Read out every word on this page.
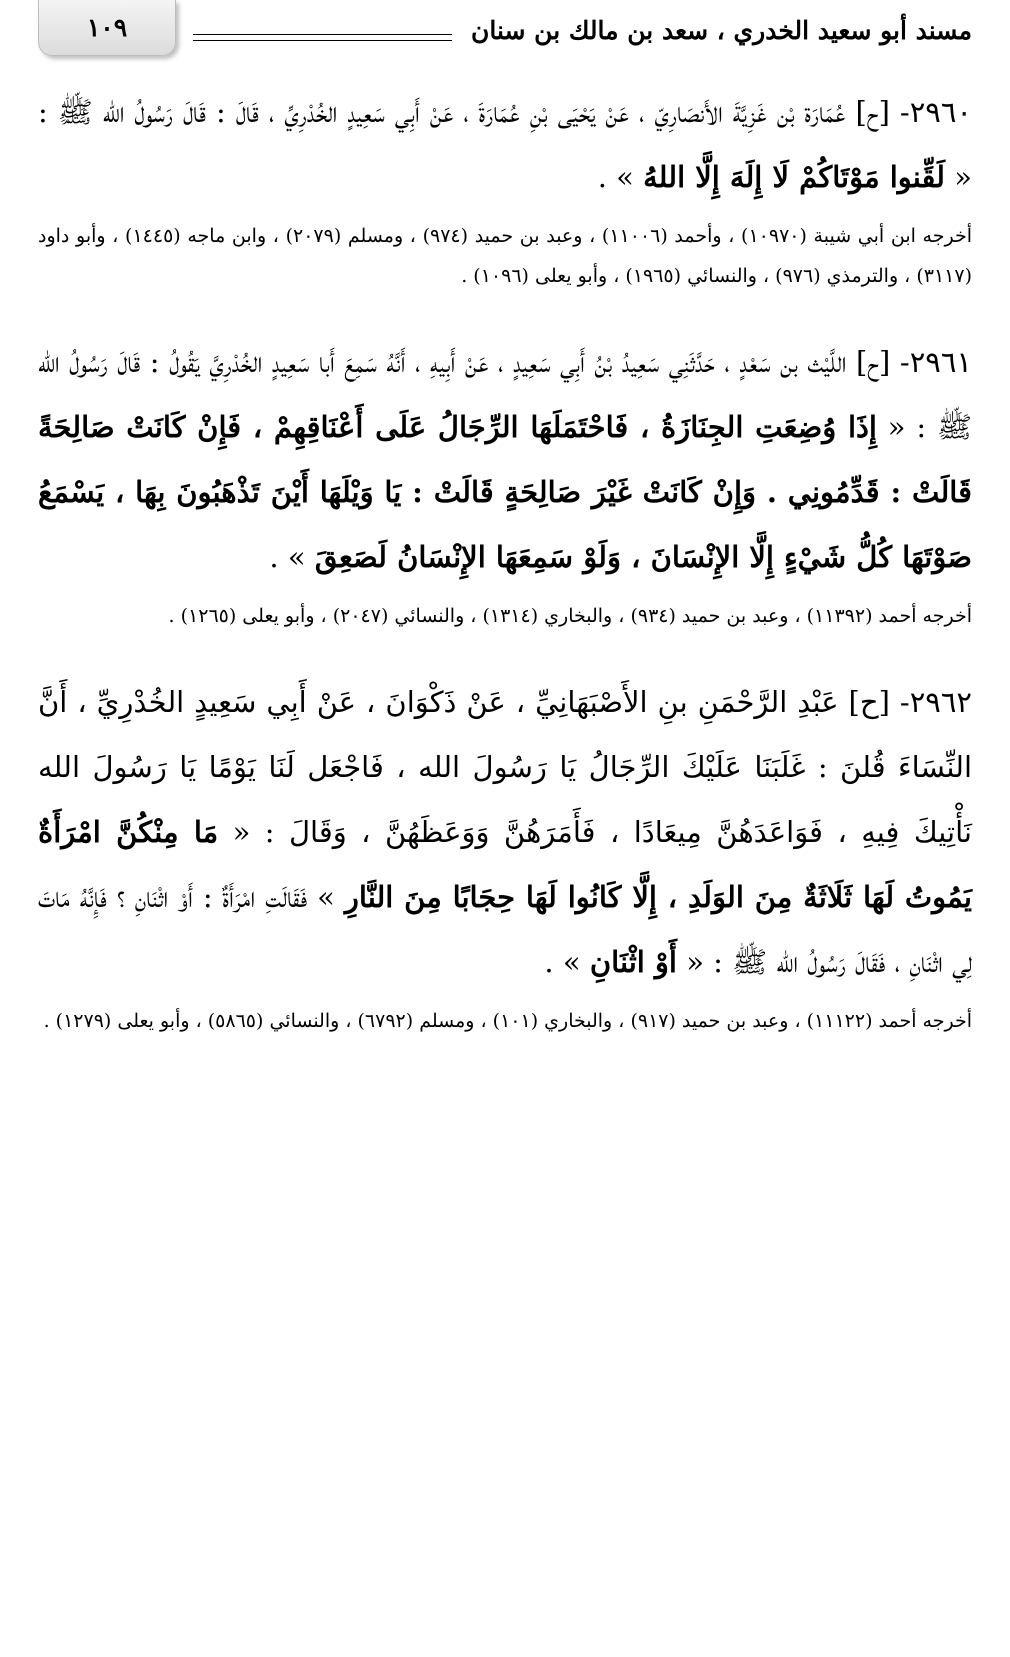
مسند أبو سعيد الخدري ، سعد بن مالك بن سنان
١٠٩

٢٩٦٠- [ح] عُمَارَة بْن غَزِيَّةَ الأَنصَارِيّ ، عَنْ يَحْيَى بْنِ عُمَارَةَ ، عَنْ أَبِي سَعِيدٍ الخُدْرِيِّ ، قَالَ : قَالَ رَسُولُ الله ﷺ : « لَقِّنوا مَوْتَاكُمْ لَا إِلَهَ إِلَّا اللهُ » .

أخرجه ابن أبي شيبة (١٠٩٧٠) ، وأحمد (١١٠٠٦) ، وعبد بن حميد (٩٧٤) ، ومسلم (٢٠٧٩) ، وابن ماجه (١٤٤٥) ، وأبو داود (٣١١٧) ، والترمذي (٩٧٦) ، والنسائي (١٩٦٥) ، وأبو يعلى (١٠٩٦) .

٢٩٦١- [ح] اللَّيْث بن سَعْدٍ ، حَدَّثَنِي سَعِيدُ بْنُ أَبِي سَعِيدٍ ، عَنْ أَبِيهِ ، أَنَّهُ سَمِعَ أَبا سَعِيدٍ الخُدْرِيَّ يَقُولُ : قَالَ رَسُولُ الله ﷺ : « إِذَا وُضِعَتِ الجِنَازَةُ ، فَاحْتَمَلَهَا الرِّجَالُ عَلَى أَعْنَاقِهِمْ ، فَإِنْ كَانَتْ صَالِحَةً قَالَتْ : قَدِّمُونِي . وَإِنْ كَانَتْ غَيْرَ صَالِحَةٍ قَالَتْ : يَا وَيْلَهَا أَيْنَ تَذْهَبُونَ بِهَا ، يَسْمَعُ صَوْتَهَا كُلُّ شَيْءٍ إِلَّا الإِنْسَانَ ، وَلَوْ سَمِعَهَا الإِنْسَانُ لَصَعِقَ » .

أخرجه أحمد (١١٣٩٢) ، وعبد بن حميد (٩٣٤) ، والبخاري (١٣١٤) ، والنسائي (٢٠٤٧) ، وأبو يعلى (١٢٦٥) .

٢٩٦٢- [ح] عَبْدِ الرَّحْمَنِ بنِ الأَصْبَهَانِيِّ ، عَنْ ذَكْوَانَ ، عَنْ أَبِي سَعِيدٍ الخُدْرِيِّ ، أَنَّ النِّسَاءَ قُلنَ : غَلَبَنَا عَلَيْكَ الرِّجَالُ يَا رَسُولَ الله ، فَاجْعَل لَنَا يَوْمًا يَا رَسُولَ الله نَأْتِيكَ فِيهِ ، فَوَاعَدَهُنَّ مِيعَادًا ، فَأَمَرَهُنَّ وَوَعَظَهُنَّ ، وَقَالَ : « مَا مِنْكُنَّ امْرَأَةٌ يَمُوتُ لَهَا ثَلَاثَةٌ مِنَ الوَلَدِ ، إِلَّا كَانُوا لَهَا حِجَابًا مِنَ النَّارِ » فَقَالَتِ امْرَأَةٌ : أَوْ اثْنَانِ ؟ فَإِنَّهُ مَاتَ لِي اثْنَانِ ، فَقَالَ رَسُولُ الله ﷺ : « أَوْ اثْنَانِ » .

أخرجه أحمد (١١١٢٢) ، وعبد بن حميد (٩١٧) ، والبخاري (١٠١) ، ومسلم (٦٧٩٢) ، والنسائي (٥٨٦٥) ، وأبو يعلى (١٢٧٩) .
